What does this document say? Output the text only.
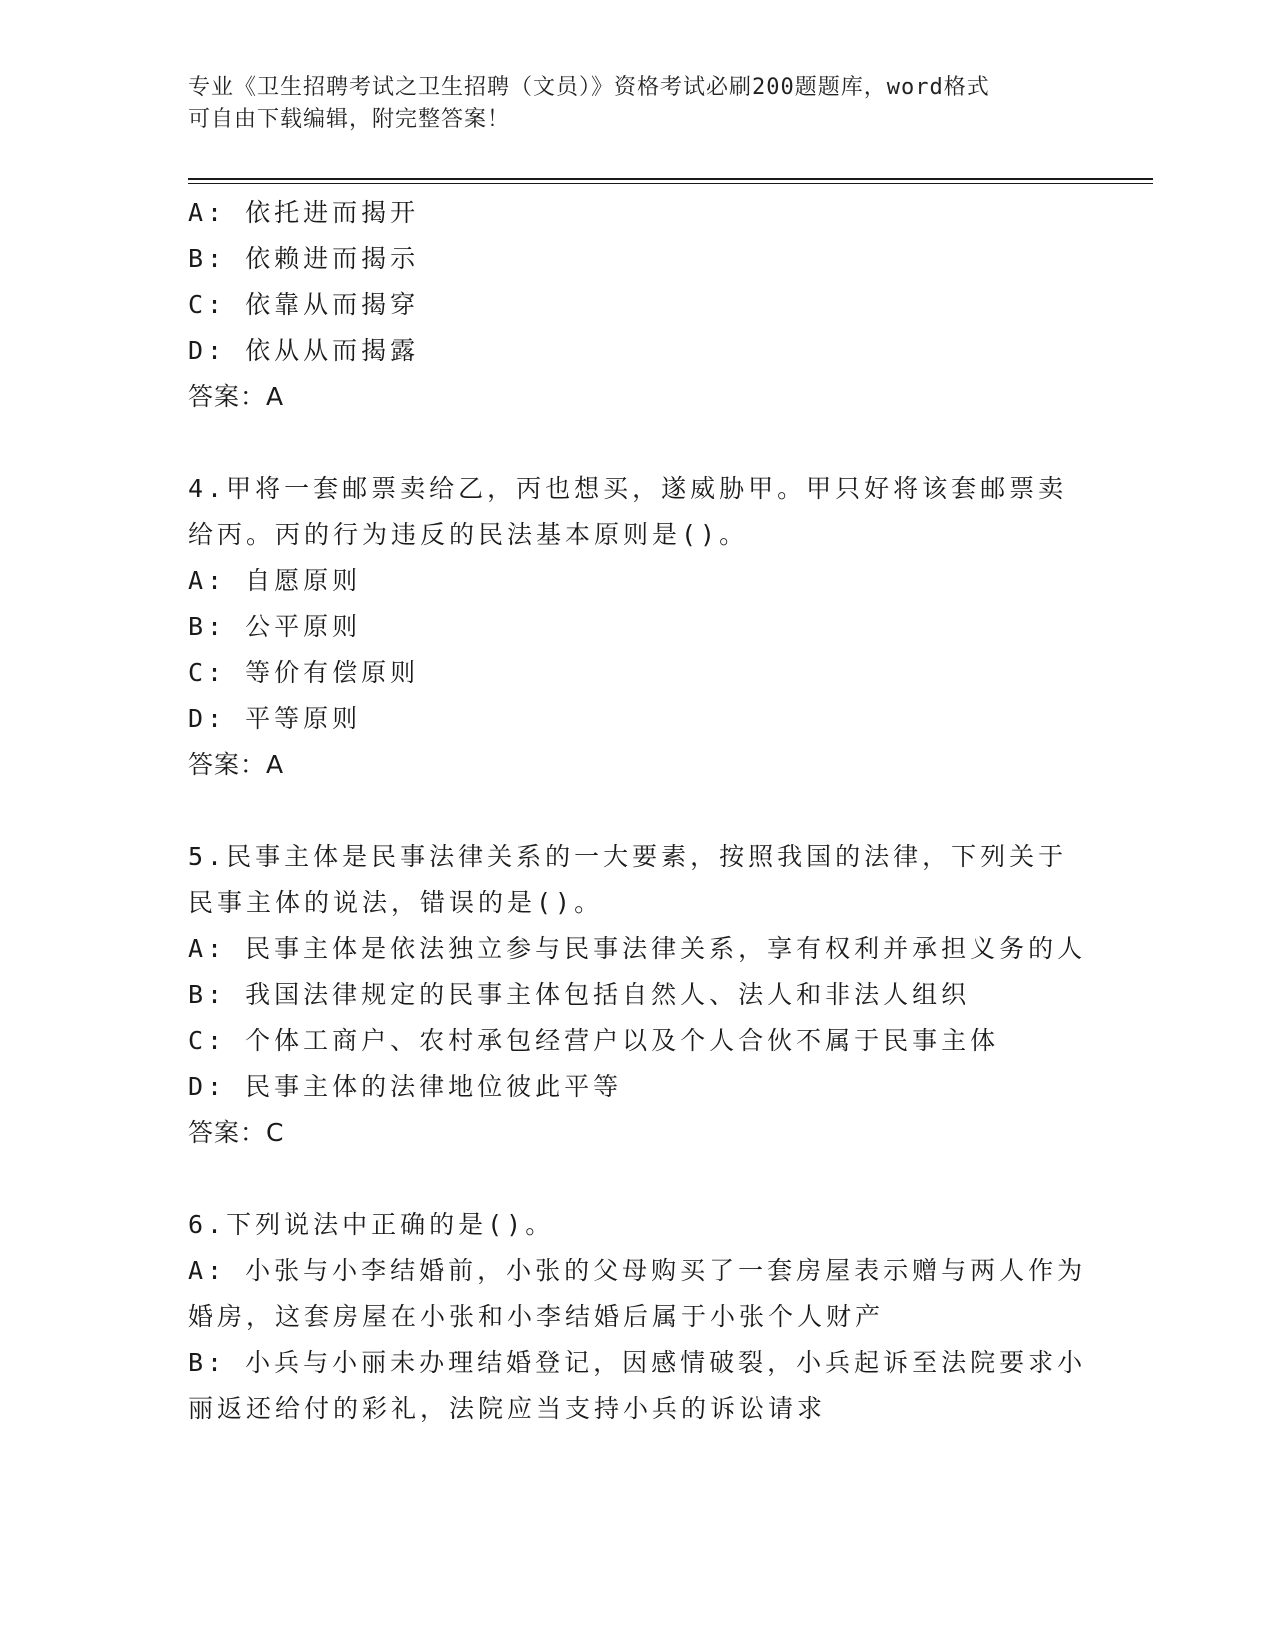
专业《卫生招聘考试之卫生招聘（文员）》资格考试必刷200题题库，word格式
可自由下载编辑，附完整答案！
A: 依托进而揭开
B: 依赖进而揭示
C: 依靠从而揭穿
D: 依从从而揭露
答案：A
4.甲将一套邮票卖给乙，丙也想买，遂威胁甲。甲只好将该套邮票卖
给丙。丙的行为违反的民法基本原则是()。
A: 自愿原则
B: 公平原则
C: 等价有偿原则
D: 平等原则
答案：A
5.民事主体是民事法律关系的一大要素，按照我国的法律，下列关于
民事主体的说法，错误的是()。
A: 民事主体是依法独立参与民事法律关系，享有权利并承担义务的人
B: 我国法律规定的民事主体包括自然人、法人和非法人组织
C: 个体工商户、农村承包经营户以及个人合伙不属于民事主体
D: 民事主体的法律地位彼此平等
答案：C
6.下列说法中正确的是()。
A: 小张与小李结婚前，小张的父母购买了一套房屋表示赠与两人作为
婚房，这套房屋在小张和小李结婚后属于小张个人财产
B: 小兵与小丽未办理结婚登记，因感情破裂，小兵起诉至法院要求小
丽返还给付的彩礼，法院应当支持小兵的诉讼请求
